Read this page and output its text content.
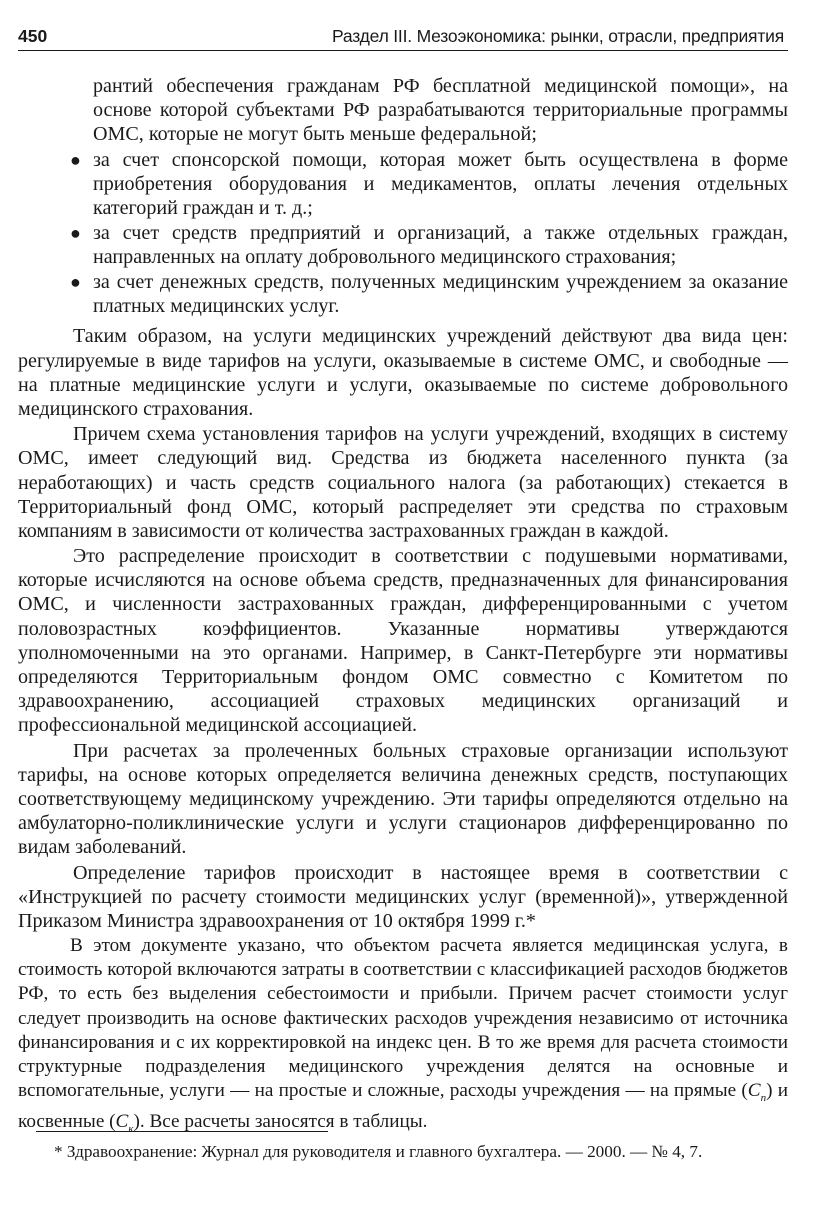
450	Раздел III. Мезоэкономика: рынки, отрасли, предприятия

рантий обеспечения гражданам РФ бесплатной медицинской помощи», на основе которой субъектами РФ разрабатываются территориальные программы ОМС, которые не могут быть меньше федеральной;

● за счет спонсорской помощи, которая может быть осуществлена в форме приобретения оборудования и медикаментов, оплаты лечения отдельных категорий граждан и т. д.;
● за счет средств предприятий и организаций, а также отдельных граждан, направленных на оплату добровольного медицинского страхования;
● за счет денежных средств, полученных медицинским учреждением за оказание платных медицинских услуг.

Таким образом, на услуги медицинских учреждений действуют два вида цен: регулируемые в виде тарифов на услуги, оказываемые в системе ОМС, и свободные — на платные медицинские услуги и услуги, оказываемые по системе добровольного медицинского страхования.

Причем схема установления тарифов на услуги учреждений, входящих в систему ОМС, имеет следующий вид. Средства из бюджета населенного пункта (за неработающих) и часть средств социального налога (за работающих) стекается в Территориальный фонд ОМС, который распределяет эти средства по страховым компаниям в зависимости от количества застрахованных граждан в каждой.

Это распределение происходит в соответствии с подушевыми нормативами, которые исчисляются на основе объема средств, предназначенных для финансирования ОМС, и численности застрахованных граждан, дифференцированными с учетом половозрастных коэффициентов. Указанные нормативы утверждаются уполномоченными на это органами. Например, в Санкт-Петербурге эти нормативы определяются Территориальным фондом ОМС совместно с Комитетом по здравоохранению, ассоциацией страховых медицинских организаций и профессиональной медицинской ассоциацией.

При расчетах за пролеченных больных страховые организации используют тарифы, на основе которых определяется величина денежных средств, поступающих соответствующему медицинскому учреждению. Эти тарифы определяются отдельно на амбулаторно-поликлинические услуги и услуги стационаров дифференцированно по видам заболеваний.

Определение тарифов происходит в настоящее время в соответствии с «Инструкцией по расчету стоимости медицинских услуг (временной)», утвержденной Приказом Министра здравоохранения от 10 октября 1999 г.*

В этом документе указано, что объектом расчета является медицинская услуга, в стоимость которой включаются затраты в соответствии с классификацией расходов бюджетов РФ, то есть без выделения себестоимости и прибыли. Причем расчет стоимости услуг следует производить на основе фактических расходов учреждения независимо от источника финансирования и с их корректировкой на индекс цен. В то же время для расчета стоимости структурные подразделения медицинского учреждения делятся на основные и вспомогательные, услуги — на простые и сложные, расходы учреждения — на прямые $(C_п)$ и косвенные $(C_к)$. Все расчеты заносятся в таблицы.

* Здравоохранение: Журнал для руководителя и главного бухгалтера. — 2000. — № 4, 7.
